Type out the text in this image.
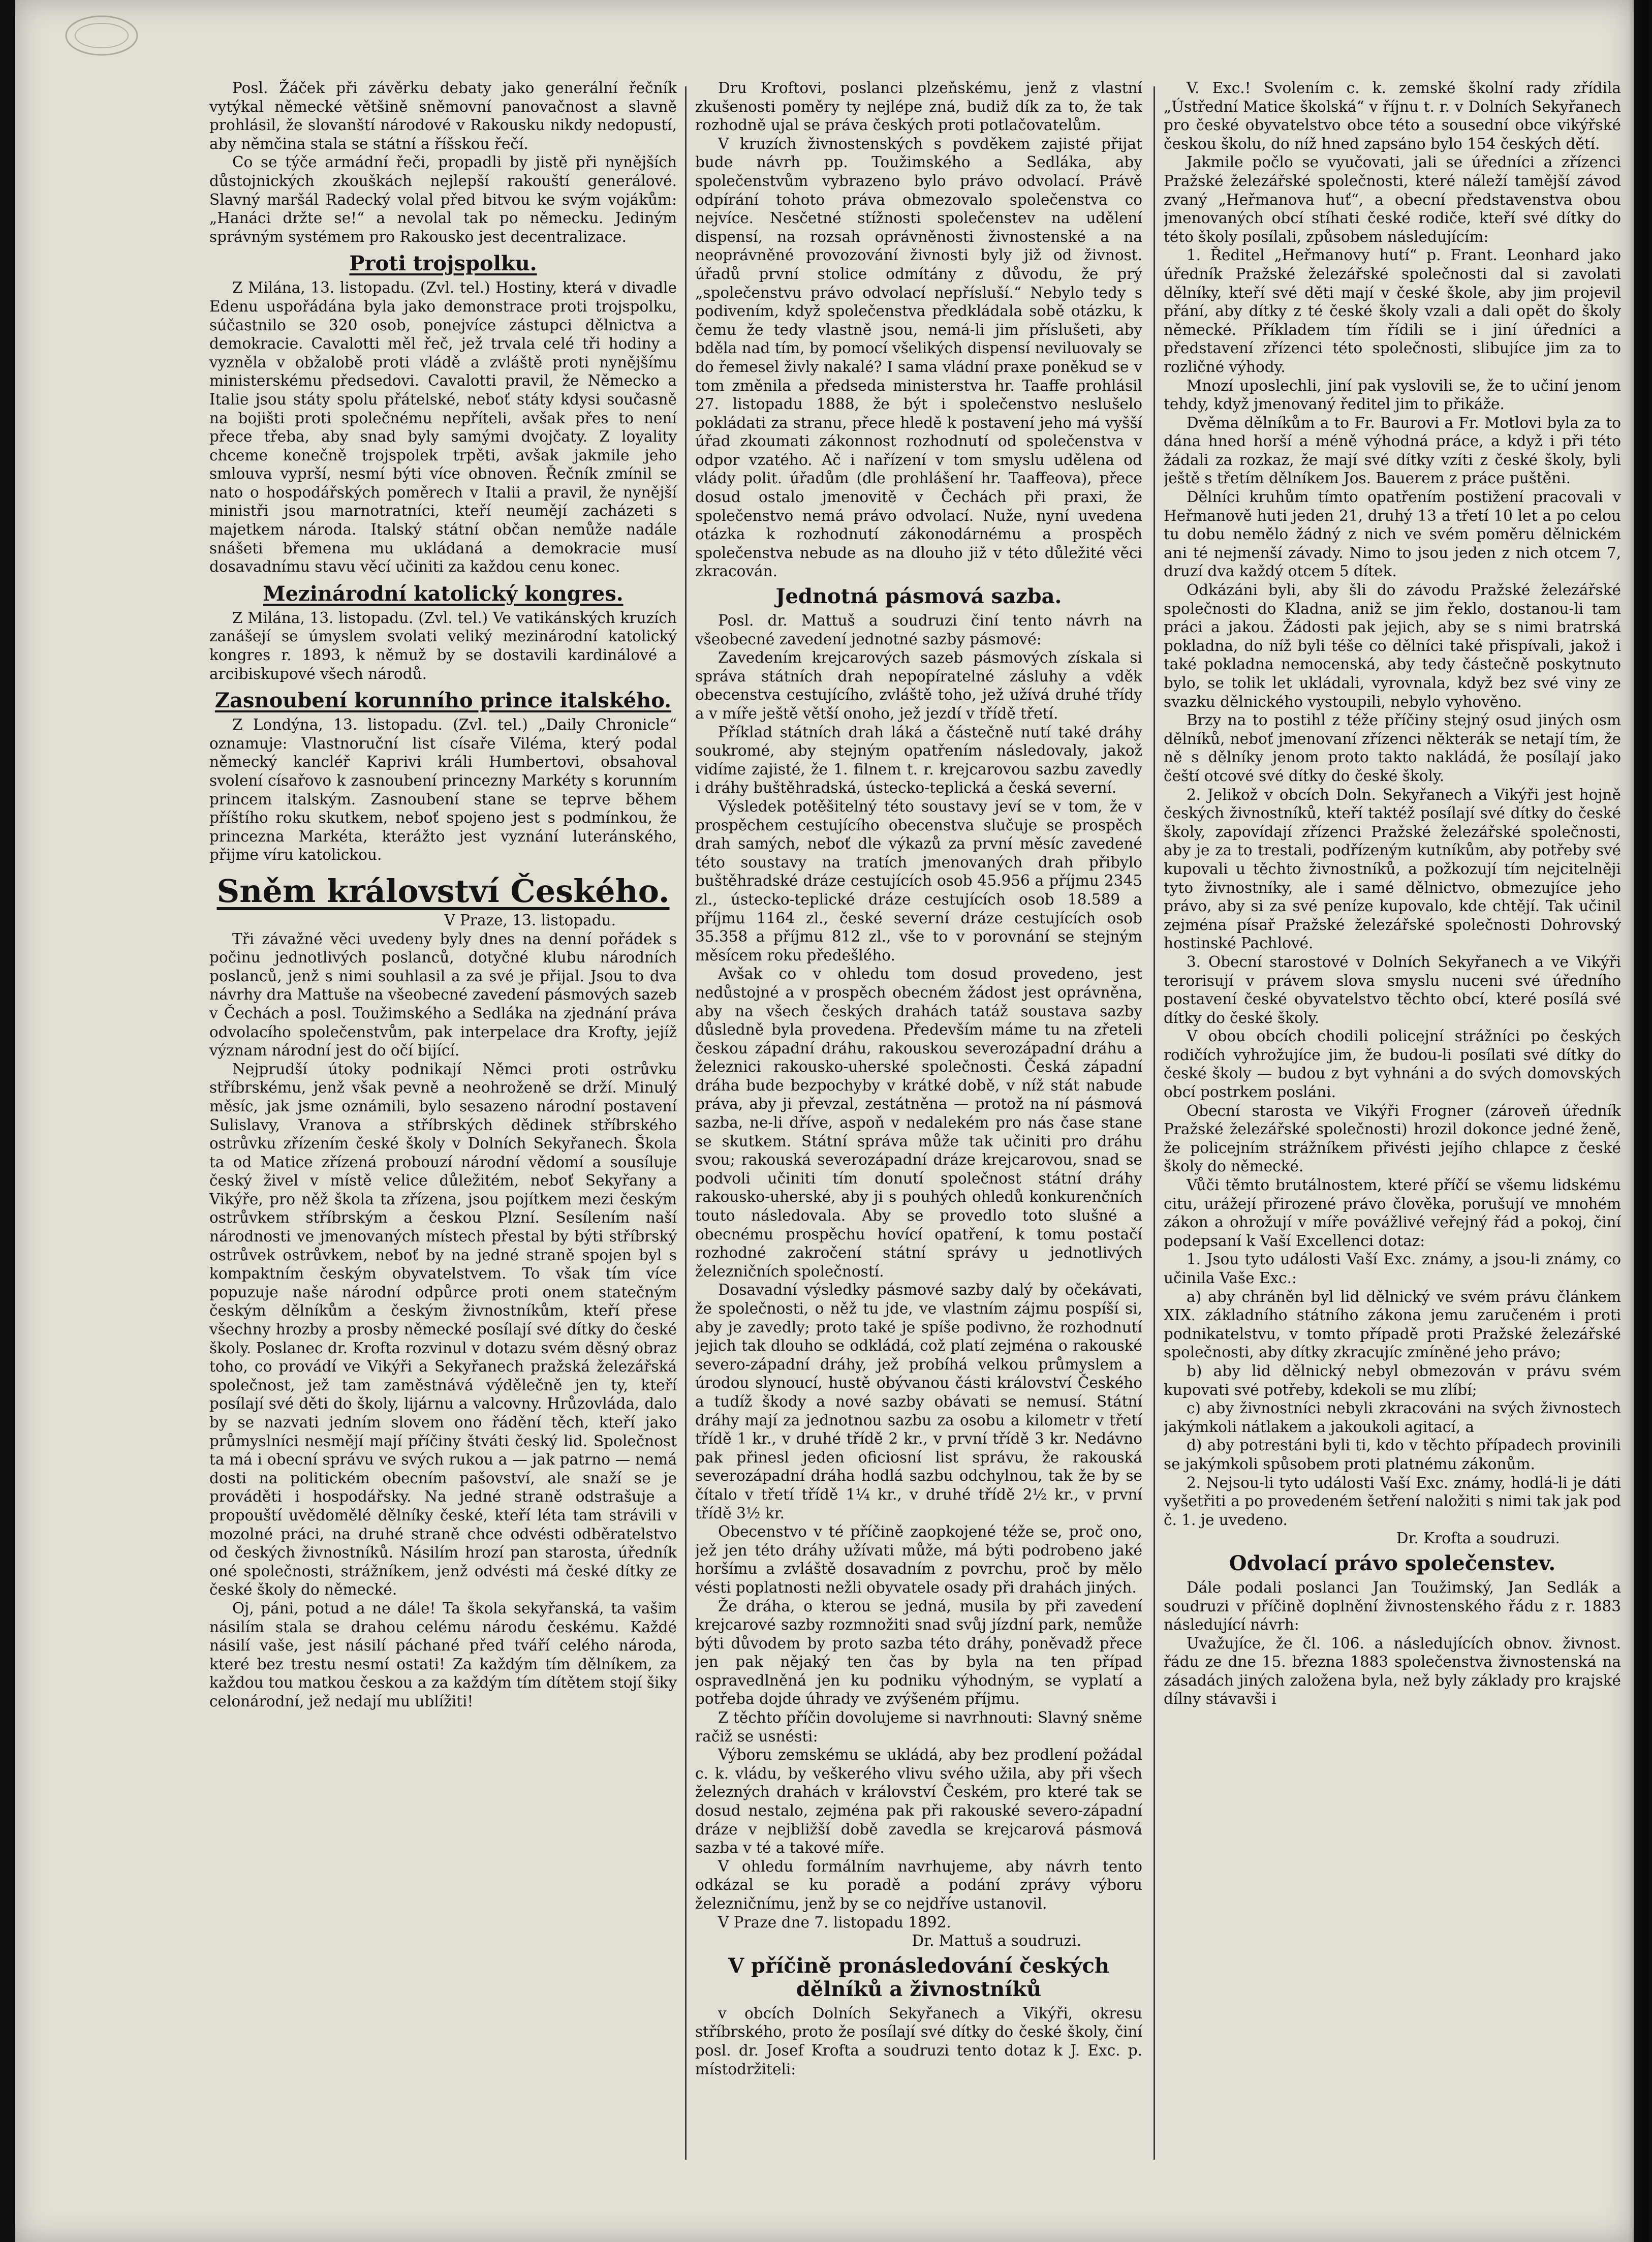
Posl. Žáček při závěrku debaty jako generální řečník vytýkal německé většině sněmovní panovačnost a slavně prohlásil, že slovanští národové v Rakousku nikdy nedopustí, aby němčina stala se státní a říšskou řečí.

Co se týče armádní řeči, propadli by jistě při nynějších důstojnických zkouškách nejlepší rakouští generálové. Slavný maršál Radecký volal před bitvou ke svým vojákům: „Hanáci držte se!“ a nevolal tak po německu. Jediným správným systémem pro Rakousko jest decentralizace.

Proti trojspolku.

Z Milána, 13. listopadu. (Zvl. tel.) Hostiny, která v divadle Edenu uspořádána byla jako demonstrace proti trojspolku, súčastnilo se 320 osob, ponejvíce zástupci dělnictva a demokracie. Cavalotti měl řeč, jež trvala celé tři hodiny a vyzněla v obžalobě proti vládě a zvláště proti nynějšímu ministerskému předsedovi. Cavalotti pravil, že Německo a Italie jsou státy spolu přátelské, neboť státy kdysi současně na bojišti proti společnému nepříteli, avšak přes to není přece třeba, aby snad byly samými dvojčaty. Z loyality chceme konečně trojspolek trpěti, avšak jakmile jeho smlouva vyprší, nesmí býti více obnoven. Řečník zmínil se nato o hospodářských poměrech v Italii a pravil, že nynější ministři jsou marnotratníci, kteří neumějí zacházeti s majetkem národa. Italský státní občan nemůže nadále snášeti břemena mu ukládaná a demokracie musí dosavadnímu stavu věcí učiniti za každou cenu konec.

Mezinárodní katolický kongres.

Z Milána, 13. listopadu. (Zvl. tel.) Ve vatikánských kruzích zanášejí se úmyslem svolati veliký mezinárodní katolický kongres r. 1893, k němuž by se dostavili kardinálové a arcibiskupové všech národů.

Zasnoubení korunního prince italského.

Z Londýna, 13. listopadu. (Zvl. tel.) „Daily Chronicle“ oznamuje: Vlastnoruční list císaře Viléma, který podal německý kancléř Kaprivi králi Humbertovi, obsahoval svolení císařovo k zasnoubení princezny Markéty s korunním princem italským. Zasnoubení stane se teprve během příštího roku skutkem, neboť spojeno jest s podmínkou, že princezna Markéta, kterážto jest vyznání luteránského, přijme víru katolickou.

Sněm království Českého.

V Praze, 13. listopadu.

Tři závažné věci uvedeny byly dnes na denní pořádek s počinu jednotlivých poslanců, dotyčné klubu národních poslanců, jenž s nimi souhlasil a za své je přijal. Jsou to dva návrhy dra Mattuše na všeobecné zavedení pásmových sazeb v Čechách a posl. Toužimského a Sedláka na zjednání práva odvolacího společenstvům, pak interpelace dra Krofty, jejíž význam národní jest do očí bijící.

Nejprudší útoky podnikají Němci proti ostrůvku stříbrskému, jenž však pevně a neohroženě se drží. Minulý měsíc, jak jsme oznámili, bylo sesazeno národní postavení Sulislavy, Vranova a stříbrských dědinek stříbrského ostrůvku zřízením české školy v Dolních Sekyřanech. Škola ta od Matice zřízená probouzí národní vědomí a sousíluje český živel v místě velice důležitém, neboť Sekyřany a Vikýře, pro něž škola ta zřízena, jsou pojítkem mezi českým ostrůvkem stříbrským a českou Plzní. Sesílením naší národnosti ve jmenovaných místech přestal by býti stříbrský ostrůvek ostrůvkem, neboť by na jedné straně spojen byl s kompaktním českým obyvatelstvem. To však tím více popuzuje naše národní odpůrce proti onem statečným českým dělníkům a českým živnostníkům, kteří přese všechny hrozby a prosby německé posílají své dítky do české školy. Poslanec dr. Krofta rozvinul v dotazu svém děsný obraz toho, co provádí ve Vikýři a Sekyřanech pražská železářská společnost, jež tam zaměstnává výdělečně jen ty, kteří posílají své děti do školy, lijárnu a valcovny. Hrůzovláda, dalo by se nazvati jedním slovem ono řádění těch, kteří jako průmyslníci nesmějí mají příčiny štváti český lid. Společnost ta má i obecní správu ve svých rukou a — jak patrno — nemá dosti na politickém obecním pašovství, ale snaží se je prováděti i hospodářsky. Na jedné straně odstrašuje a propouští uvědomělé dělníky české, kteří léta tam strávili v mozolné práci, na druhé straně chce odvésti odběratelstvo od českých živnostníků. Násilím hrozí pan starosta, úředník oné společnosti, strážníkem, jenž odvésti má české dítky ze české školy do německé.

Oj, páni, potud a ne dále! Ta škola sekyřanská, ta vašim násilím stala se drahou celému národu českému. Každé násilí vaše, jest násilí páchané před tváří celého národa, které bez trestu nesmí ostati! Za každým tím dělníkem, za každou tou matkou českou a za každým tím dítětem stojí šiky celonárodní, jež nedají mu ublížiti!

Dru Kroftovi, poslanci plzeňskému, jenž z vlastní zkušenosti poměry ty nejlépe zná, budiž dík za to, že tak rozhodně ujal se práva českých proti potlačovatelům.

V kruzích živnostenských s povděkem zajisté přijat bude návrh pp. Toužimského a Sedláka, aby společenstvům vybrazeno bylo právo odvolací. Právě odpírání tohoto práva obmezovalo společenstva co nejvíce. Nesčetné stížnosti společenstev na udělení dispensí, na rozsah oprávněnosti živnostenské a na neoprávněné provozování živnosti byly již od živnost. úřadů první stolice odmítány z důvodu, že prý „společenstvu právo odvolací nepřísluší.“ Nebylo tedy s podivením, když společenstva předkládala sobě otázku, k čemu že tedy vlastně jsou, nemá-li jim příslušeti, aby bděla nad tím, by pomocí všelikých dispensí neviluovaly se do řemesel živly nakalé? I sama vládní praxe poněkud se v tom změnila a předseda ministerstva hr. Taaffe prohlásil 27. listopadu 1888, že být i společenstvo neslušelo pokládati za stranu, přece hledě k postavení jeho má vyšší úřad zkoumati zákonnost rozhodnutí od společenstva v odpor vzatého. Ač i nařízení v tom smyslu udělena od vlády polit. úřadům (dle prohlášení hr. Taaffeova), přece dosud ostalo jmenovitě v Čechách při praxi, že společenstvo nemá právo odvolací. Nuže, nyní uvedena otázka k rozhodnutí zákonodárnému a prospěch společenstva nebude as na dlouho již v této důležité věci zkracován.

Jednotná pásmová sazba.

Posl. dr. Mattuš a soudruzi činí tento návrh na všeobecné zavedení jednotné sazby pásmové:

Zavedením krejcarových sazeb pásmových získala si správa státních drah nepopíratelné zásluhy a vděk obecenstva cestujícího, zvláště toho, jež užívá druhé třídy a v míře ještě větší onoho, jež jezdí v třídě třetí.

Příklad státních drah láká a částečně nutí také dráhy soukromé, aby stejným opatřením následovaly, jakož vidíme zajisté, že 1. filnem t. r. krejcarovou sazbu zavedly i dráhy buštěhradská, ústecko-teplická a česká severní.

Výsledek potěšitelný této soustavy jeví se v tom, že v prospěchem cestujícího obecenstva slučuje se prospěch drah samých, neboť dle výkazů za první měsíc zavedené této soustavy na tratích jmenovaných drah přibylo buštěhradské dráze cestujících osob 45.956 a příjmu 2345 zl., ústecko-teplické dráze cestujících osob 18.589 a příjmu 1164 zl., české severní dráze cestujících osob 35.358 a příjmu 812 zl., vše to v porovnání se stejným měsícem roku předešlého.

Avšak co v ohledu tom dosud provedeno, jest nedůstojné a v prospěch obecném žádost jest oprávněna, aby na všech českých drahách tatáž soustava sazby důsledně byla provedena. Především máme tu na zřeteli českou západní dráhu, rakouskou severozápadní dráhu a železnici rakousko-uherské společnosti. Česká západní dráha bude bezpochyby v krátké době, v níž stát nabude práva, aby ji převzal, zestátněna — protož na ní pásmová sazba, ne-li dříve, aspoň v nedalekém pro nás čase stane se skutkem. Státní správa může tak učiniti pro dráhu svou; rakouská severozápadní dráze krejcarovou, snad se podvoli učiniti tím donutí společnost státní dráhy rakousko-uherské, aby ji s pouhých ohledů konkurenčních touto následovala. Aby se provedlo toto slušné a obecnému prospěchu hovící opatření, k tomu postačí rozhodné zakročení státní správy u jednotlivých železničních společností.

Dosavadní výsledky pásmové sazby dalý by očekávati, že společnosti, o něž tu jde, ve vlastním zájmu pospíší si, aby je zavedly; proto také je spíše podivno, že rozhodnutí jejich tak dlouho se odkládá, což platí zejména o rakouské severo-západní dráhy, jež probíhá velkou průmyslem a úrodou slynoucí, hustě obývanou části království Českého a tudíž škody a nové sazby obávati se nemusí. Státní dráhy mají za jednotnou sazbu za osobu a kilometr v třetí třídě 1 kr., v druhé třídě 2 kr., v první třídě 3 kr. Nedávno pak přinesl jeden oficiosní list správu, že rakouská severozápadní dráha hodlá sazbu odchylnou, tak že by se čítalo v třetí třídě 1¼ kr., v druhé třídě 2½ kr., v první třídě 3½ kr.

Obecenstvo v té příčině zaopkojené téže se, proč ono, jež jen této dráhy užívati může, má býti podrobeno jaké horšímu a zvláště dosavadním z povrchu, proč by mělo vésti poplatnosti nežli obyvatele osady při drahách jiných.

Že dráha, o kterou se jedná, musila by při zavedení krejcarové sazby rozmnožiti snad svůj jízdní park, nemůže býti důvodem by proto sazba této dráhy, poněvadž přece jen pak nějaký ten čas by byla na ten případ ospravedlněná jen ku podniku výhodným, se vyplatí a potřeba dojde úhrady ve zvýšeném příjmu.

Z těchto příčin dovolujeme si navrhnouti: Slavný sněme račiž se usnésti:

Výboru zemskému se ukládá, aby bez prodlení požádal c. k. vládu, by veškerého vlivu svého užila, aby při všech železných drahách v království Českém, pro které tak se dosud nestalo, zejména pak při rakouské severo-západní dráze v nejbližší době zavedla se krejcarová pásmová sazba v té a takové míře.

V ohledu formálním navrhujeme, aby návrh tento odkázal se ku poradě a podání zprávy výboru železničnímu, jenž by se co nejdříve ustanovil.

V Praze dne 7. listopadu 1892.

Dr. Mattuš a soudruzi.

V příčině pronásledování českých dělníků a živnostníků

v obcích Dolních Sekyřanech a Vikýři, okresu stříbrského, proto že posílají své dítky do české školy, činí posl. dr. Josef Krofta a soudruzi tento dotaz k J. Exc. p. místodržiteli:

V. Exc.! Svolením c. k. zemské školní rady zřídila „Ústřední Matice školská“ v říjnu t. r. v Dolních Sekyřanech pro české obyvatelstvo obce této a sousední obce vikýřské českou školu, do níž hned zapsáno bylo 154 českých dětí.

Jakmile počlo se vyučovati, jali se úředníci a zřízenci Pražské železářské společnosti, které náleží tamější závod zvaný „Heřmanova huť“, a obecní představenstva obou jmenovaných obcí stíhati české rodiče, kteří své dítky do této školy posílali, způsobem následujícím:

1. Ředitel „Heřmanovy hutí“ p. Frant. Leonhard jako úředník Pražské železářské společnosti dal si zavolati dělníky, kteří své děti mají v české škole, aby jim projevil přání, aby dítky z té české školy vzali a dali opět do školy německé. Příkladem tím řídili se i jiní úředníci a představení zřízenci této společnosti, slibujíce jim za to rozličné výhody.

Mnozí uposlechli, jiní pak vyslovili se, že to učiní jenom tehdy, když jmenovaný ředitel jim to přikáže.

Dvěma dělníkům a to Fr. Baurovi a Fr. Motlovi byla za to dána hned horší a méně výhodná práce, a když i při této žádali za rozkaz, že mají své dítky vzíti z české školy, byli ještě s třetím dělníkem Jos. Bauerem z práce puštěni.

Dělníci kruhům tímto opatřením postižení pracovali v Heřmanově huti jeden 21, druhý 13 a třetí 10 let a po celou tu dobu nemělo žádný z nich ve svém poměru dělnickém ani té nejmenší závady. Nimo to jsou jeden z nich otcem 7, druzí dva každý otcem 5 dítek.

Odkázáni byli, aby šli do závodu Pražské železářské společnosti do Kladna, aniž se jim řeklo, dostanou-li tam práci a jakou. Žádosti pak jejich, aby se s nimi bratrská pokladna, do níž byli téše co dělníci také přispívali, jakož i také pokladna nemocenská, aby tedy částečně poskytnuto bylo, se tolik let ukládali, vyrovnala, když bez své viny ze svazku dělnického vystoupili, nebylo vyhověno.

Brzy na to postihl z téže příčiny stejný osud jiných osm dělníků, neboť jmenovaní zřízenci některák se netají tím, že ně s dělníky jenom proto takto nakládá, že posílají jako čeští otcové své dítky do české školy.

2. Jelikož v obcích Doln. Sekyřanech a Vikýři jest hojně českých živnostníků, kteří taktéž posílají své dítky do české školy, zapovídají zřízenci Pražské železářské společnosti, aby je za to trestali, podřízeným kutníkům, aby potřeby své kupovali u těchto živnostníků, a požkozují tím nejcitelněji tyto živnostníky, ale i samé dělnictvo, obmezujíce jeho právo, aby si za své peníze kupovalo, kde chtějí. Tak učinil zejména písař Pražské železářské společnosti Dohrovský hostinské Pachlové.

3. Obecní starostové v Dolních Sekyřanech a ve Vikýři terorisují v právem slova smyslu nuceni své úředního postavení české obyvatelstvo těchto obcí, které posílá své dítky do české školy.

V obou obcích chodili policejní strážníci po českých rodičích vyhrožujíce jim, že budou-li posílati své dítky do české školy — budou z byt vyhnáni a do svých domovských obcí postrkem posláni.

Obecní starosta ve Vikýři Frogner (zároveň úředník Pražské železářské společnosti) hrozil dokonce jedné ženě, že policejním strážníkem přivésti jejího chlapce z české školy do německé.

Vůči těmto brutálnostem, které příčí se všemu lidskému citu, urážejí přirozené právo člověka, porušují ve mnohém zákon a ohrožují v míře povážlivé veřejný řád a pokoj, činí podepsaní k Vaší Excellenci dotaz:

1. Jsou tyto události Vaší Exc. známy, a jsou-li známy, co učinila Vaše Exc.:

a) aby chráněn byl lid dělnický ve svém právu článkem XIX. základního státního zákona jemu zaručeném i proti podnikatelstvu, v tomto případě proti Pražské železářské společnosti, aby dítky zkracujíc zmíněné jeho právo;

b) aby lid dělnický nebyl obmezován v právu svém kupovati své potřeby, kdekoli se mu zlíbí;

c) aby živnostníci nebyli zkracováni na svých živnostech jakýmkoli nátlakem a jakoukoli agitací, a

d) aby potrestáni byli ti, kdo v těchto případech provinili se jakýmkoli spůsobem proti platnému zákonům.

2. Nejsou-li tyto události Vaší Exc. známy, hodlá-li je dáti vyšetřiti a po provedeném šetření naložiti s nimi tak jak pod č. 1. je uvedeno.

Dr. Krofta a soudruzi.

Odvolací právo společenstev.

Dále podali poslanci Jan Toužimský, Jan Sedlák a soudruzi v příčině doplnění živnostenského řádu z r. 1883 následující návrh:

Uvažujíce, že čl. 106. a následujících obnov. živnost. řádu ze dne 15. března 1883 společenstva živnostenská na zásadách jiných založena byla, než byly základy pro krajské dílny stávavši i
